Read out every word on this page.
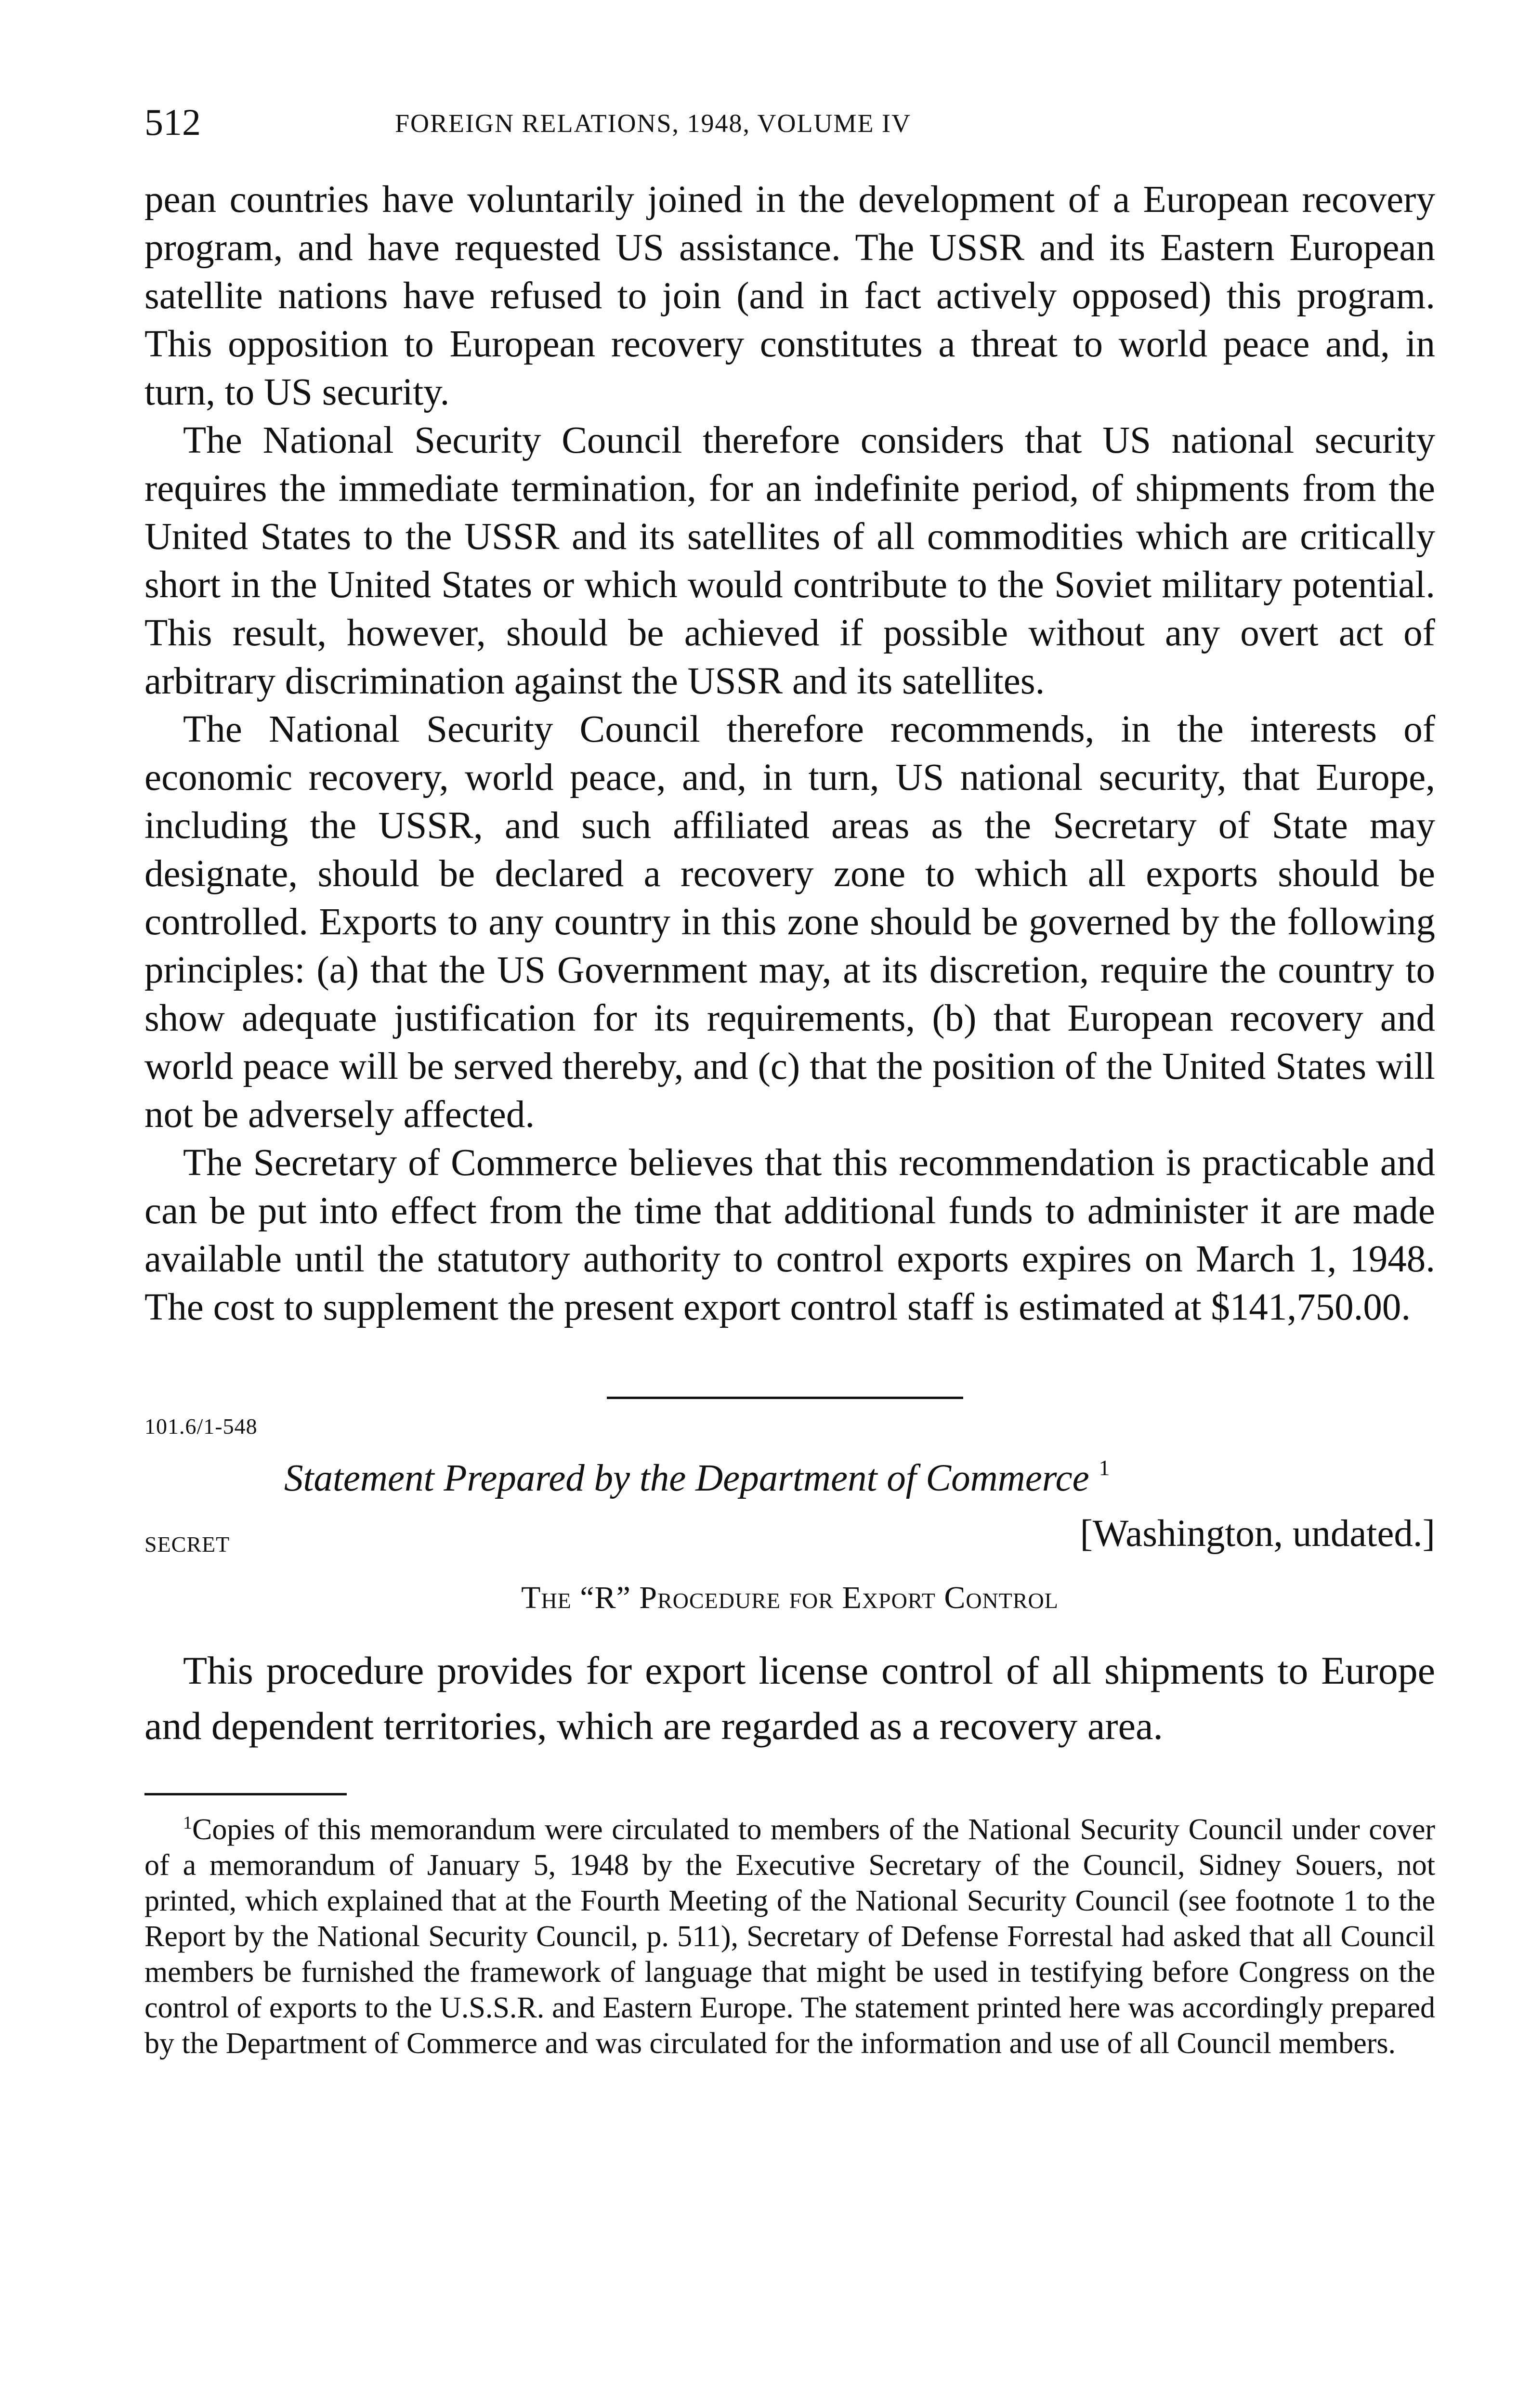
512	FOREIGN RELATIONS, 1948, VOLUME IV

pean countries have voluntarily joined in the development of a European recovery program, and have requested US assistance. The USSR and its Eastern European satellite nations have refused to join (and in fact actively opposed) this program. This opposition to European recovery constitutes a threat to world peace and, in turn, to US security.

The National Security Council therefore considers that US national security requires the immediate termination, for an indefinite period, of shipments from the United States to the USSR and its satellites of all commodities which are critically short in the United States or which would contribute to the Soviet military potential. This result, however, should be achieved if possible without any overt act of arbitrary discrimination against the USSR and its satellites.

The National Security Council therefore recommends, in the interests of economic recovery, world peace, and, in turn, US national security, that Europe, including the USSR, and such affiliated areas as the Secretary of State may designate, should be declared a recovery zone to which all exports should be controlled. Exports to any country in this zone should be governed by the following principles: (a) that the US Government may, at its discretion, require the country to show adequate justification for its requirements, (b) that European recovery and world peace will be served thereby, and (c) that the position of the United States will not be adversely affected.

The Secretary of Commerce believes that this recommendation is practicable and can be put into effect from the time that additional funds to administer it are made available until the statutory authority to control exports expires on March 1, 1948. The cost to supplement the present export control staff is estimated at $141,750.00.

101.6/1-548
Statement Prepared by the Department of Commerce $^1$
SECRET	[Washington, undated.]
The “R” Procedure for Export Control

This procedure provides for export license control of all shipments to Europe and dependent territories, which are regarded as a recovery area.

$^1$Copies of this memorandum were circulated to members of the National Security Council under cover of a memorandum of January 5, 1948 by the Executive Secretary of the Council, Sidney Souers, not printed, which explained that at the Fourth Meeting of the National Security Council (see footnote 1 to the Report by the National Security Council, p. 511), Secretary of Defense Forrestal had asked that all Council members be furnished the framework of language that might be used in testifying before Congress on the control of exports to the U.S.S.R. and Eastern Europe. The statement printed here was accordingly prepared by the Department of Commerce and was circulated for the information and use of all Council members.
